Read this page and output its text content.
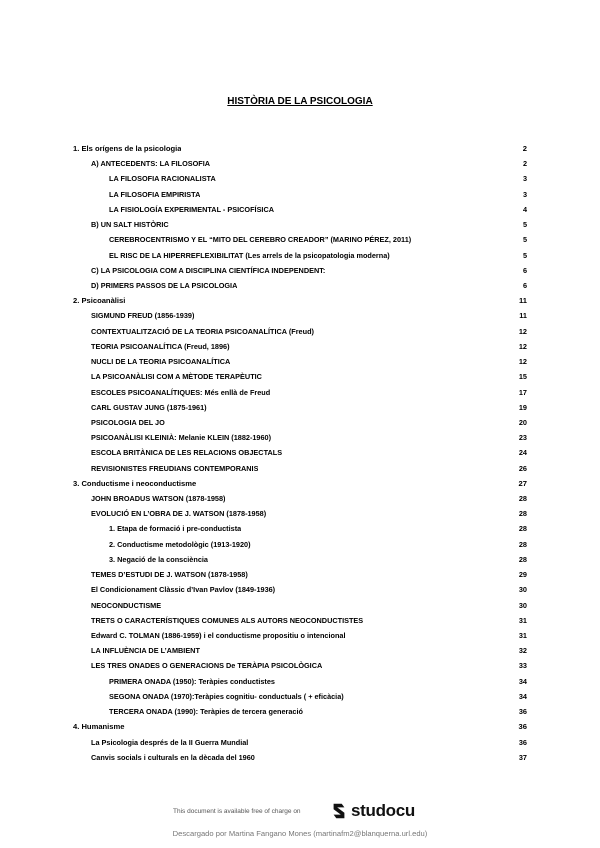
HISTÒRIA DE LA PSICOLOGIA
1. Els orígens de la psicologia	2
A) ANTECEDENTS: LA FILOSOFIA	2
LA FILOSOFIA RACIONALISTA	3
LA FILOSOFIA EMPIRISTA	3
LA FISIOLOGÍA EXPERIMENTAL - PSICOFÍSICA	4
B) UN SALT HISTÒRIC	5
CEREBROCENTRISMO Y EL “MITO DEL CEREBRO CREADOR” (MARINO PÉREZ, 2011)	5
EL RISC DE LA HIPERREFLEXIBILITAT (Les arrels de la psicopatologia moderna)	5
C) LA PSICOLOGIA COM A DISCIPLINA CIENTÍFICA INDEPENDENT:	6
D) PRIMERS PASSOS DE LA PSICOLOGIA	6
2. Psicoanàlisi	11
SIGMUND FREUD (1856-1939)	11
CONTEXTUALITZACIÓ DE LA TEORIA PSICOANALÍTICA (Freud)	12
TEORIA PSICOANALÍTICA (Freud, 1896)	12
NUCLI DE LA TEORIA PSICOANALÍTICA	12
LA PSICOANÀLISI COM A MÈTODE TERAPÈUTIC	15
ESCOLES PSICOANALÍTIQUES: Més enllà de Freud	17
CARL GUSTAV JUNG (1875-1961)	19
PSICOLOGIA DEL JO	20
PSICOANÀLISI KLEINIÀ: Melanie KLEIN (1882-1960)	23
ESCOLA BRITÀNICA DE LES RELACIONS OBJECTALS	24
REVISIONISTES FREUDIANS CONTEMPORANIS	26
3. Conductisme i neoconductisme	27
JOHN BROADUS WATSON (1878-1958)	28
EVOLUCIÓ EN L’OBRA DE J. WATSON (1878-1958)	28
1. Etapa de formació i pre-conductista	28
2. Conductisme metodològic (1913-1920)	28
3. Negació de la consciència	28
TEMES D’ESTUDI DE J. WATSON (1878-1958)	29
El Condicionament Clàssic d’Ivan Pavlov (1849-1936)	30
NEOCONDUCTISME	30
TRETS O CARACTERÍSTIQUES COMUNES ALS AUTORS NEOCONDUCTISTES	31
Edward C. TOLMAN (1886-1959) i el conductisme propositiu o intencional	31
LA INFLUÈNCIA DE L’AMBIENT	32
LES TRES ONADES O GENERACIONS De TERÀPIA PSICOLÒGICA	33
PRIMERA ONADA (1950): Teràpies conductistes	34
SEGONA ONADA (1970):Teràpies cognitiu- conductuals ( + eficàcia)	34
TERCERA ONADA (1990): Teràpies de tercera generació	36
4. Humanisme	36
La Psicologia després de la II Guerra Mundial	36
Canvis socials i culturals en la dècada del 1960	37
This document is available free of charge on	studocu
Descargado por Martina Fangano Mones (martinafm2@blanquerna.url.edu)
